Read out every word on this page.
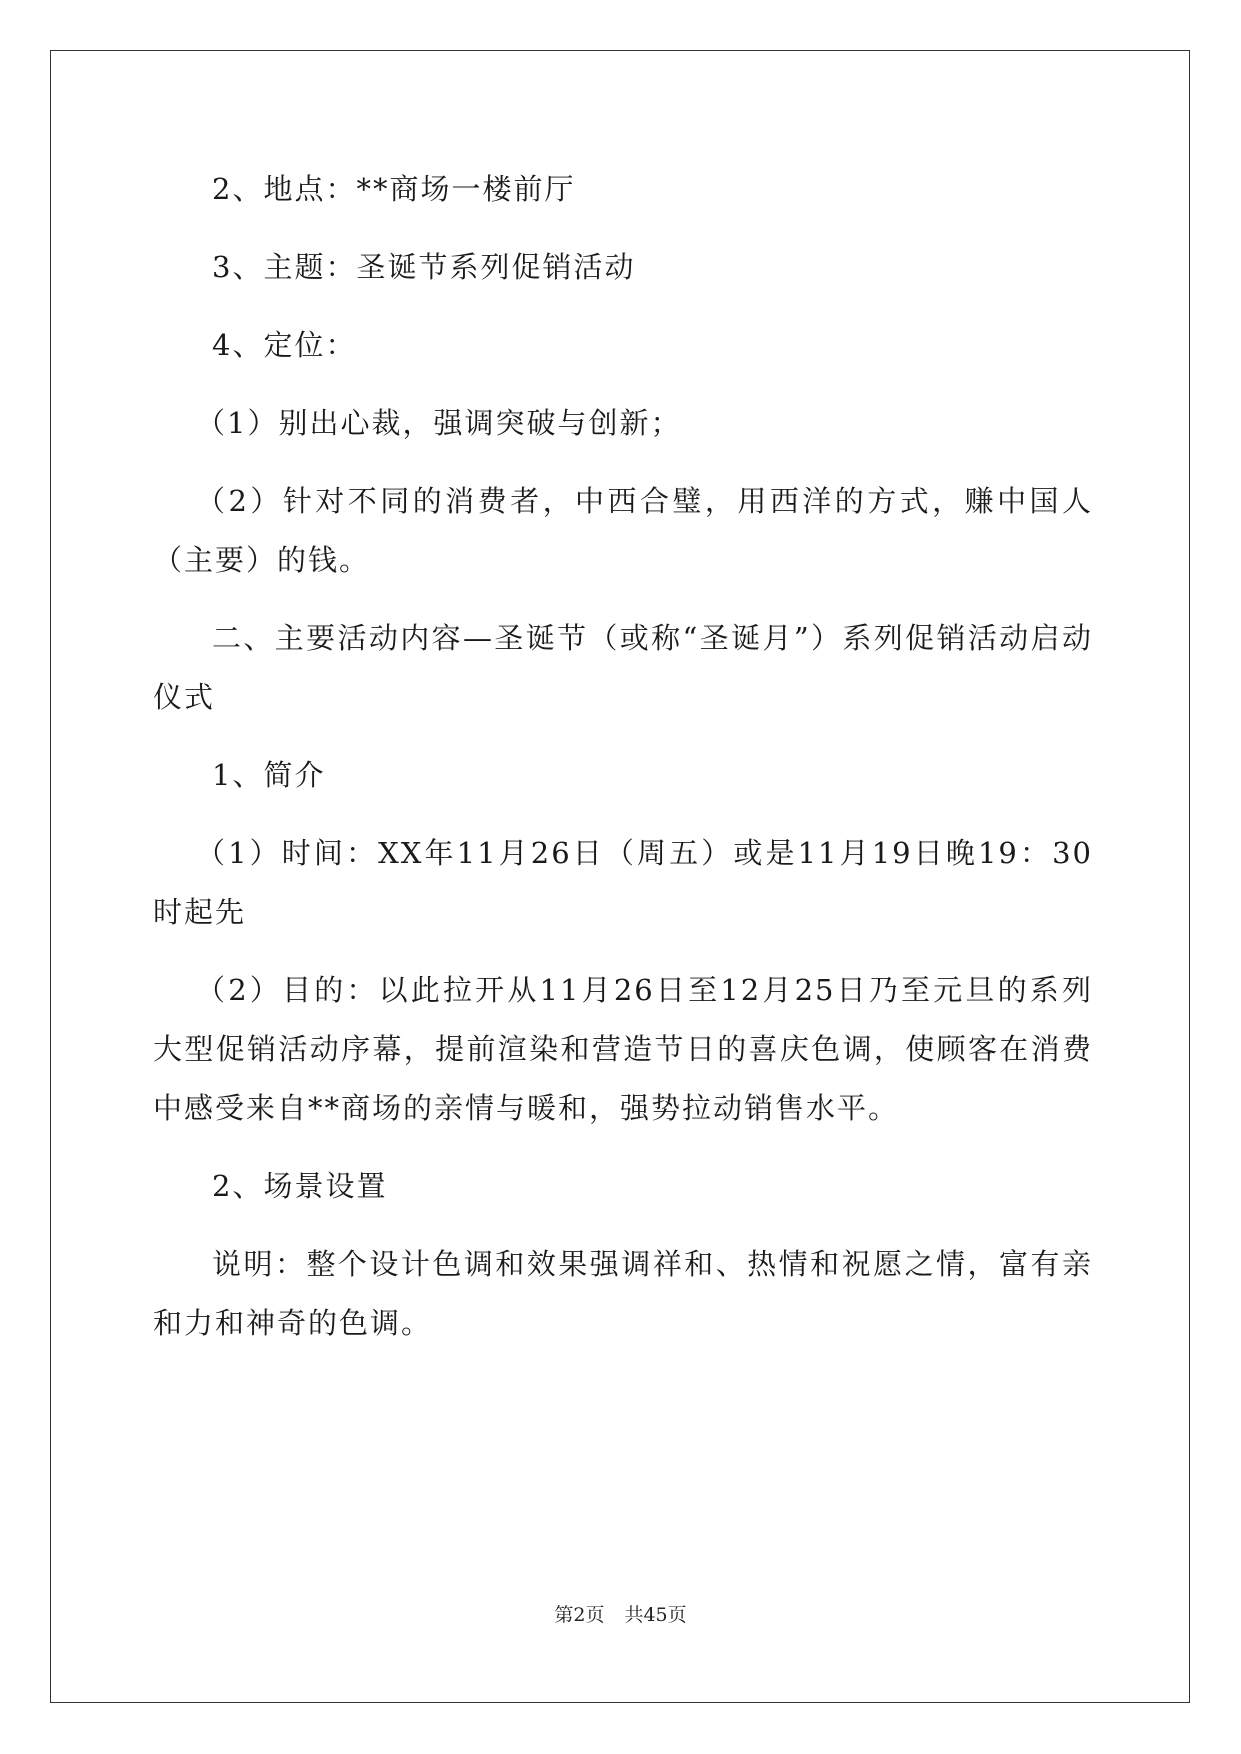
2、地点：**商场一楼前厅

3、主题：圣诞节系列促销活动

4、定位：

（1）别出心裁，强调突破与创新；

（2）针对不同的消费者，中西合璧，用西洋的方式，赚中国人（主要）的钱。

二、主要活动内容—圣诞节（或称“圣诞月”）系列促销活动启动仪式

1、简介

（1）时间：XX年11月26日（周五）或是11月19日晚19：30时起先

（2）目的：以此拉开从11月26日至12月25日乃至元旦的系列大型促销活动序幕，提前渲染和营造节日的喜庆色调，使顾客在消费中感受来自**商场的亲情与暖和，强势拉动销售水平。

2、场景设置

说明：整个设计色调和效果强调祥和、热情和祝愿之情，富有亲和力和神奇的色调。

第2页 共45页
